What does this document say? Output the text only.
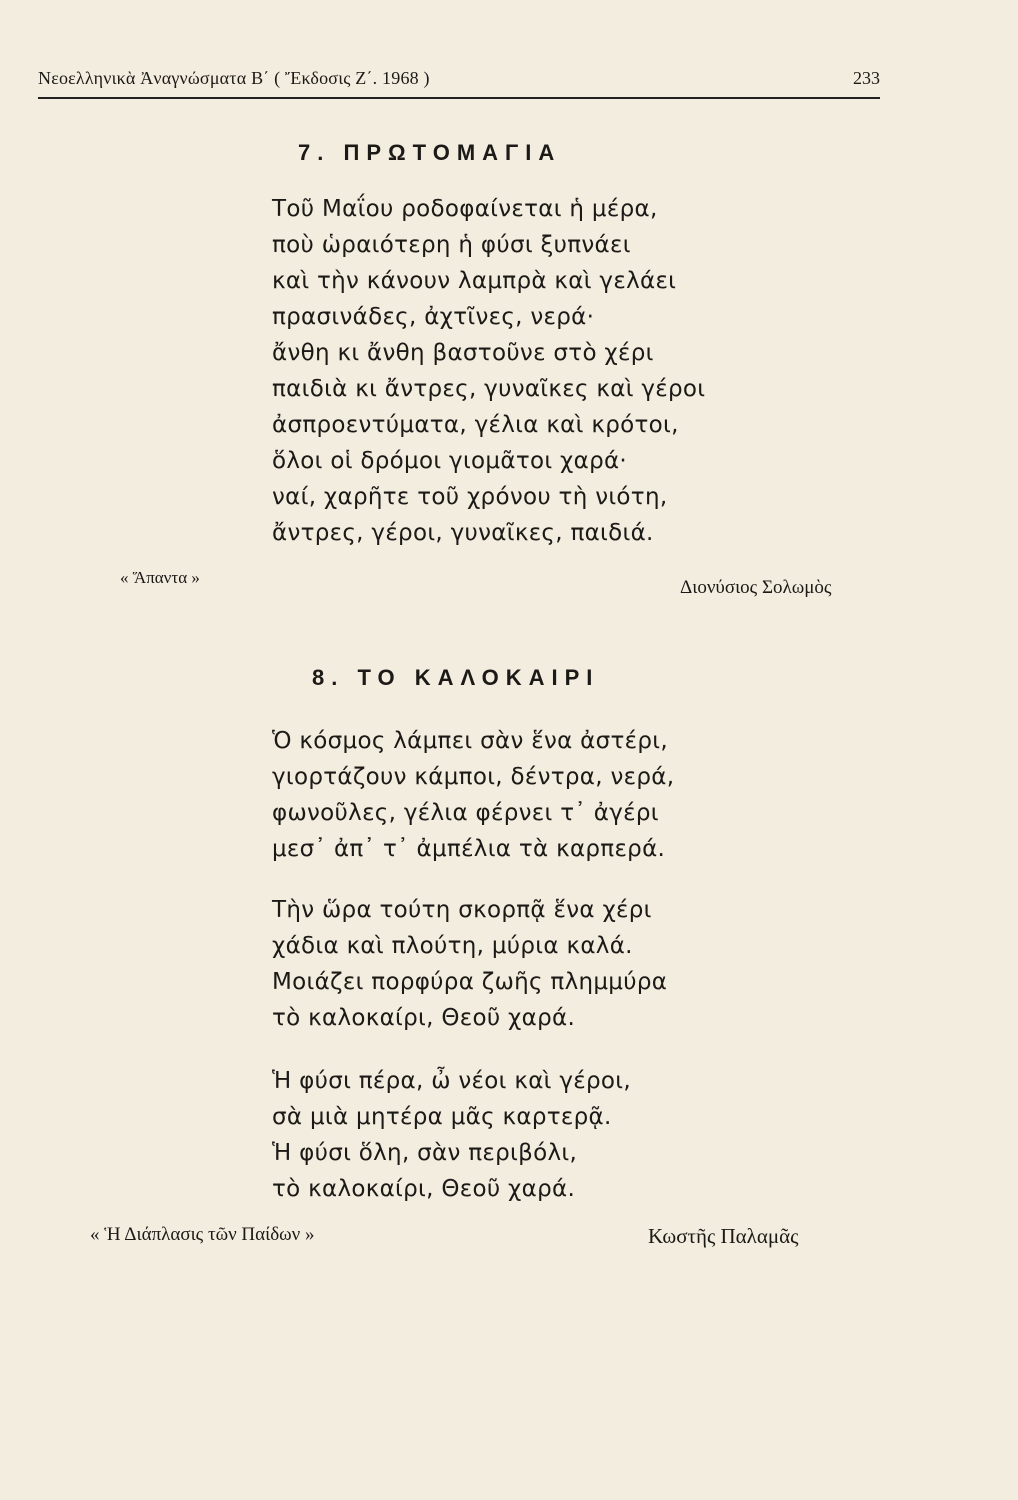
Νεοελληνικὰ Ἀναγνώσματα Β΄ ( Ἔκδοσις Ζ΄. 1968 )	233
7. ΠΡΩΤΟΜΑΓΙΑ
Τοῦ Μαΐου ροδοφαίνεται ἡ μέρα,
ποὺ ὡραιότερη ἡ φύσι ξυπνάει
καὶ τὴν κάνουν λαμπρὰ καὶ γελάει
πρασινάδες, ἀχτῖνες, νερά·
ἄνθη κι ἄνθη βαστοῦνε στὸ χέρι
παιδιὰ κι ἄντρες, γυναῖκες καὶ γέροι
ἀσπροεντύματα, γέλια καὶ κρότοι,
ὅλοι οἱ δρόμοι γιομᾶτοι χαρά·
ναί, χαρῆτε τοῦ χρόνου τὴ νιότη,
ἄντρες, γέροι, γυναῖκες, παιδιά.
« Ἅπαντα »	Διονύσιος Σολωμὸς
8. ΤΟ ΚΑΛΟΚΑΙΡΙ
Ὁ κόσμος λάμπει σὰν ἕνα ἀστέρι,
γιορτάζουν κάμποι, δέντρα, νερά,
φωνοῦλες, γέλια φέρνει τ᾽ ἀγέρι
μεσ᾽ ἀπ᾽ τ᾽ ἀμπέλια τὰ καρπερά.
Τὴν ὥρα τούτη σκορπᾷ ἕνα χέρι
χάδια καὶ πλούτη, μύρια καλά.
Μοιάζει πορφύρα ζωῆς πλημμύρα
τὸ καλοκαίρι, Θεοῦ χαρά.
Ἡ φύσι πέρα, ὦ νέοι καὶ γέροι,
σὰ μιὰ μητέρα μᾶς καρτερᾷ.
Ἡ φύσι ὅλη, σὰν περιβόλι,
τὸ καλοκαίρι, Θεοῦ χαρά.
« Ἡ Διάπλασις τῶν Παίδων »	Κωστῆς Παλαμᾶς
